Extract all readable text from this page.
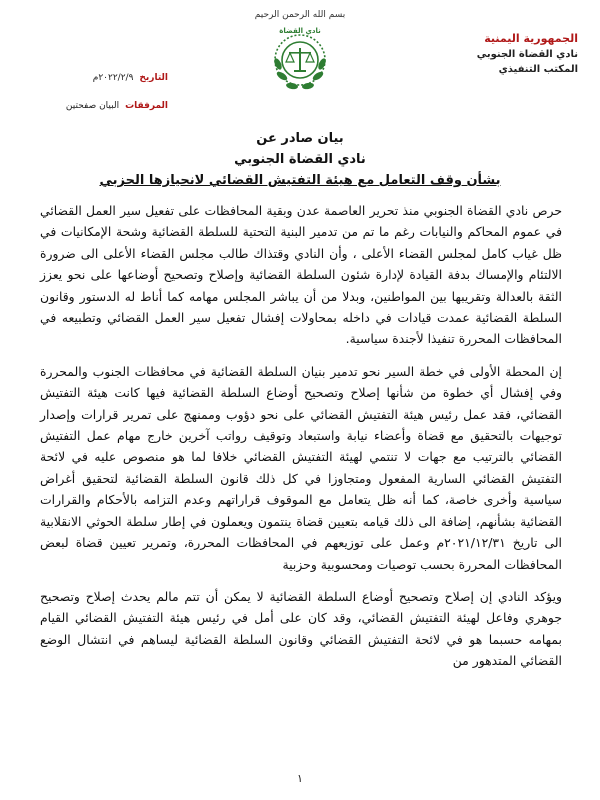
بسم الله الرحمن الرحيم
الجمهورية اليمنية
نادي القضاة الجنوبي
المكتب التنفيذي
نادي القضاة
التاريخ
٢٠٢٢/٢/٩م
المرفقات
البيان صفحتين
بيان صادر عن
نادي القضاة الجنوبي
بشأن وقف التعامل مع هيئة التفتيش القضائي لانحيازها الحزبي

حرص نادي القضاة الجنوبي منذ تحرير العاصمة عدن وبقية المحافظات على تفعيل سير العمل القضائي في عموم المحاكم والنيابات رغم ما تم من تدمير البنية التحتية للسلطة القضائية وشحة الإمكانيات في ظل غياب كامل لمجلس القضاء الأعلى ، وأن النادي وقتذاك طالب مجلس القضاء الأعلى الى ضرورة الالتئام والإمساك بدفة القيادة لإدارة شئون السلطة القضائية وإصلاح وتصحيح أوضاعها على نحو يعزز الثقة بالعدالة وتقريبها بين المواطنين، وبدلا من أن يباشر المجلس مهامه كما أناط له الدستور وقانون السلطة القضائية عمدت قيادات في داخله بمحاولات إفشال تفعيل سير العمل القضائي وتطبيعه في المحافظات المحررة تنفيذا لأجندة سياسية.

إن المحطة الأولى في خطة السير نحو تدمير بنيان السلطة القضائية في محافظات الجنوب والمحررة وفي إفشال أي خطوة من شأنها إصلاح وتصحيح أوضاع السلطة القضائية فيها كانت هيئة التفتيش القضائي، فقد عمل رئيس هيئة التفتيش القضائي على نحو دؤوب وممنهج على تمرير قرارات وإصدار توجيهات بالتحقيق مع قضاة وأعضاء نيابة واستبعاد وتوقيف رواتب آخرين خارج مهام عمل التفتيش القضائي بالترتيب مع جهات لا تنتمي لهيئة التفتيش القضائي خلافا لما هو منصوص عليه في لائحة التفتيش القضائي السارية المفعول ومتجاوزا في كل ذلك قانون السلطة القضائية لتحقيق أغراض سياسية وأخرى خاصة، كما أنه ظل يتعامل مع الموقوف قراراتهم وعدم التزامه بالأحكام والقرارات القضائية بشأنهم، إضافة الى ذلك قيامه بتعيين قضاة ينتمون ويعملون في إطار سلطة الحوثي الانقلابية الى تاريخ ٢٠٢١/١٢/٣١م وعمل على توزيعهم في المحافظات المحررة، وتمرير تعيين قضاة لبعض المحافظات المحررة بحسب توصيات ومحسوبية وحزبية

ويؤكد النادي إن إصلاح وتصحيح أوضاع السلطة القضائية لا يمكن أن تتم مالم يحدث إصلاح وتصحيح جوهري وفاعل لهيئة التفتيش القضائي، وقد كان على أمل في رئيس هيئة التفتيش القضائي القيام بمهامه حسبما هو في لائحة التفتيش القضائي وقانون السلطة القضائية ليساهم في انتشال الوضع القضائي المتدهور من

١
